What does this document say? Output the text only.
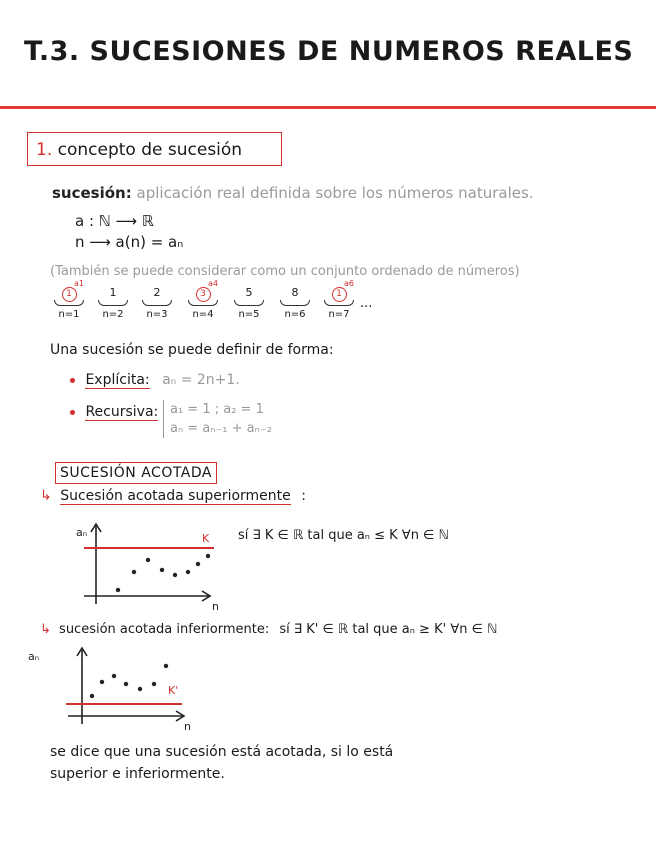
T.3. SUCESIONES DE NUMEROS REALES
1. concepto de sucesión
sucesión: aplicación real definida sobre los números naturales.
a : ℕ ⟶ ℝ
n ⟶ a(n) = aₙ
(También se puede considerar como un conjunto ordenado de números)
1
a1
n=1
1
n=2
2
n=3
3
a4
n=4
5
n=5
8
n=6
1
a6
n=7
...
Una sucesión se puede definir de forma:
Explícita: aₙ = 2n+1.
Recursiva: a₁ = 1 ; a₂ = 1
aₙ = aₙ₋₁ + aₙ₋₂
SUCESIÓN ACOTADA
↳ Sucesión acotada superiormente :
aₙ
n
K sí ∃ K ∈ ℝ tal que aₙ ≤ K ∀n ∈ ℕ
↳ sucesión acotada inferiormente: sí ∃ K' ∈ ℝ tal que aₙ ≥ K' ∀n ∈ ℕ
aₙ
n
K'
se dice que una sucesión está acotada, si lo está
superior e inferiormente.
